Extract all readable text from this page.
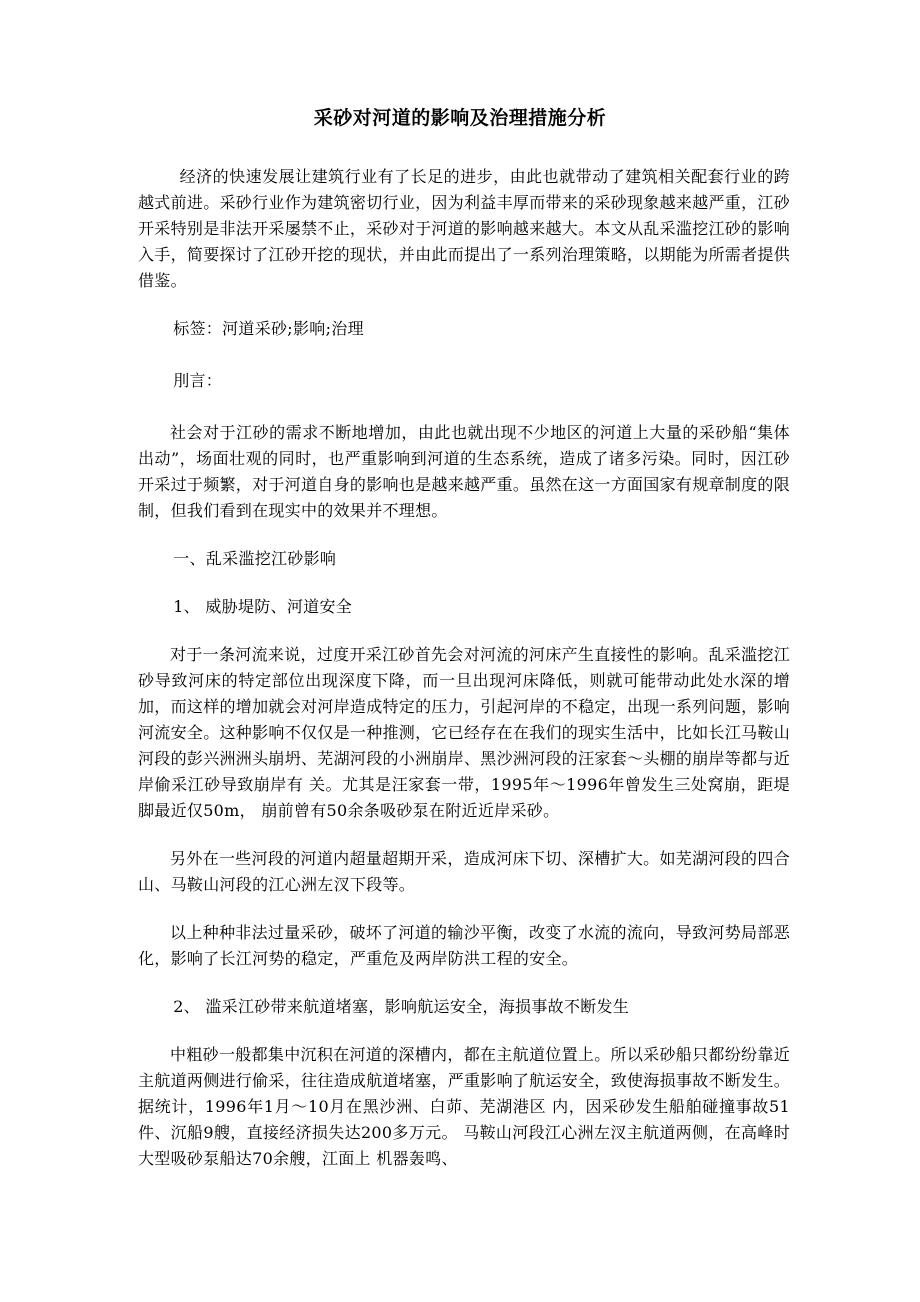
采砂对河道的影响及治理措施分析

经济的快速发展让建筑行业有了长足的进步，由此也就带动了建筑相关配套行业的跨越式前进。采砂行业作为建筑密切行业，因为利益丰厚而带来的采砂现象越来越严重，江砂开采特别是非法开采屡禁不止，采砂对于河道的影响越来越大。本文从乱采滥挖江砂的影响入手，简要探讨了江砂开挖的现状，并由此而提出了一系列治理策略，以期能为所需者提供借鉴。

标签：河道采砂;影响;治理

刖言：

社会对于江砂的需求不断地增加，由此也就出现不少地区的河道上大量的采砂船“集体出动”，场面壮观的同时，也严重影响到河道的生态系统，造成了诸多污染。同时，因江砂开采过于频繁，对于河道自身的影响也是越来越严重。虽然在这一方面国家有规章制度的限制，但我们看到在现实中的效果并不理想。

一、乱采滥挖江砂影响

1、 威胁堤防、河道安全

对于一条河流来说，过度开采江砂首先会对河流的河床产生直接性的影响。乱采滥挖江砂导致河床的特定部位出现深度下降，而一旦出现河床降低，则就可能带动此处水深的增加，而这样的增加就会对河岸造成特定的压力，引起河岸的不稳定，出现一系列问题，影响河流安全。这种影响不仅仅是一种推测，它已经存在在我们的现实生活中，比如长江马鞍山河段的彭兴洲洲头崩坍、芜湖河段的小洲崩岸、黑沙洲河段的汪家套～头棚的崩岸等都与近岸偷采江砂导致崩岸有 关。尤其是汪家套一带，1995年～1996年曾发生三处窝崩，距堤脚最近仅50m， 崩前曾有50余条吸砂泵在附近近岸采砂。

另外在一些河段的河道内超量超期开采，造成河床下切、深槽扩大。如芜湖河段的四合山、马鞍山河段的江心洲左汊下段等。

以上种种非法过量采砂，破坏了河道的输沙平衡，改变了水流的流向，导致河势局部恶化，影响了长江河势的稳定，严重危及两岸防洪工程的安全。

2、 滥采江砂带来航道堵塞，影响航运安全，海损事故不断发生

中粗砂一般都集中沉积在河道的深槽内，都在主航道位置上。所以采砂船只都纷纷靠近主航道两侧进行偷采，往往造成航道堵塞，严重影响了航运安全，致使海损事故不断发生。据统计，1996年1月～10月在黑沙洲、白茆、芜湖港区 内，因采砂发生船舶碰撞事故51件、沉船9艘，直接经济损失达200多万元。 马鞍山河段江心洲左汊主航道两侧，在高峰时大型吸砂泵船达70余艘，江面上 机器轰鸣、
